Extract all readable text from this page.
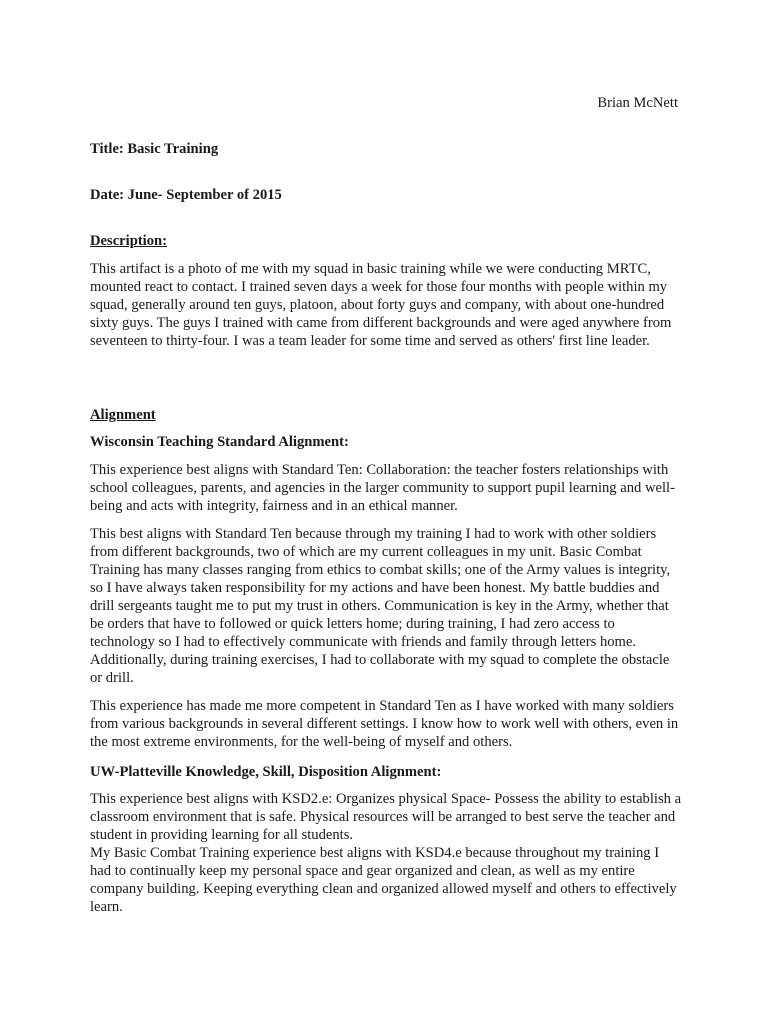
Brian McNett
Title: Basic Training
Date: June- September of 2015
Description:

This artifact is a photo of me with my squad in basic training while we were conducting MRTC, mounted react to contact. I trained seven days a week for those four months with people within my squad, generally around ten guys, platoon, about forty guys and company, with about one-hundred sixty guys. The guys I trained with came from different backgrounds and were aged anywhere from seventeen to thirty-four. I was a team leader for some time and served as others' first line leader.

Alignment
Wisconsin Teaching Standard Alignment:

This experience best aligns with Standard Ten: Collaboration: the teacher fosters relationships with school colleagues, parents, and agencies in the larger community to support pupil learning and well-being and acts with integrity, fairness and in an ethical manner.

This best aligns with Standard Ten because through my training I had to work with other soldiers from different backgrounds, two of which are my current colleagues in my unit. Basic Combat Training has many classes ranging from ethics to combat skills; one of the Army values is integrity, so I have always taken responsibility for my actions and have been honest. My battle buddies and drill sergeants taught me to put my trust in others. Communication is key in the Army, whether that be orders that have to followed or quick letters home; during training, I had zero access to technology so I had to effectively communicate with friends and family through letters home. Additionally, during training exercises, I had to collaborate with my squad to complete the obstacle or drill.

This experience has made me more competent in Standard Ten as I have worked with many soldiers from various backgrounds in several different settings. I know how to work well with others, even in the most extreme environments, for the well-being of myself and others.

UW-Platteville Knowledge, Skill, Disposition Alignment:

This experience best aligns with KSD2.e: Organizes physical Space- Possess the ability to establish a classroom environment that is safe. Physical resources will be arranged to best serve the teacher and student in providing learning for all students.

My Basic Combat Training experience best aligns with KSD4.e because throughout my training I had to continually keep my personal space and gear organized and clean, as well as my entire company building. Keeping everything clean and organized allowed myself and others to effectively learn.
